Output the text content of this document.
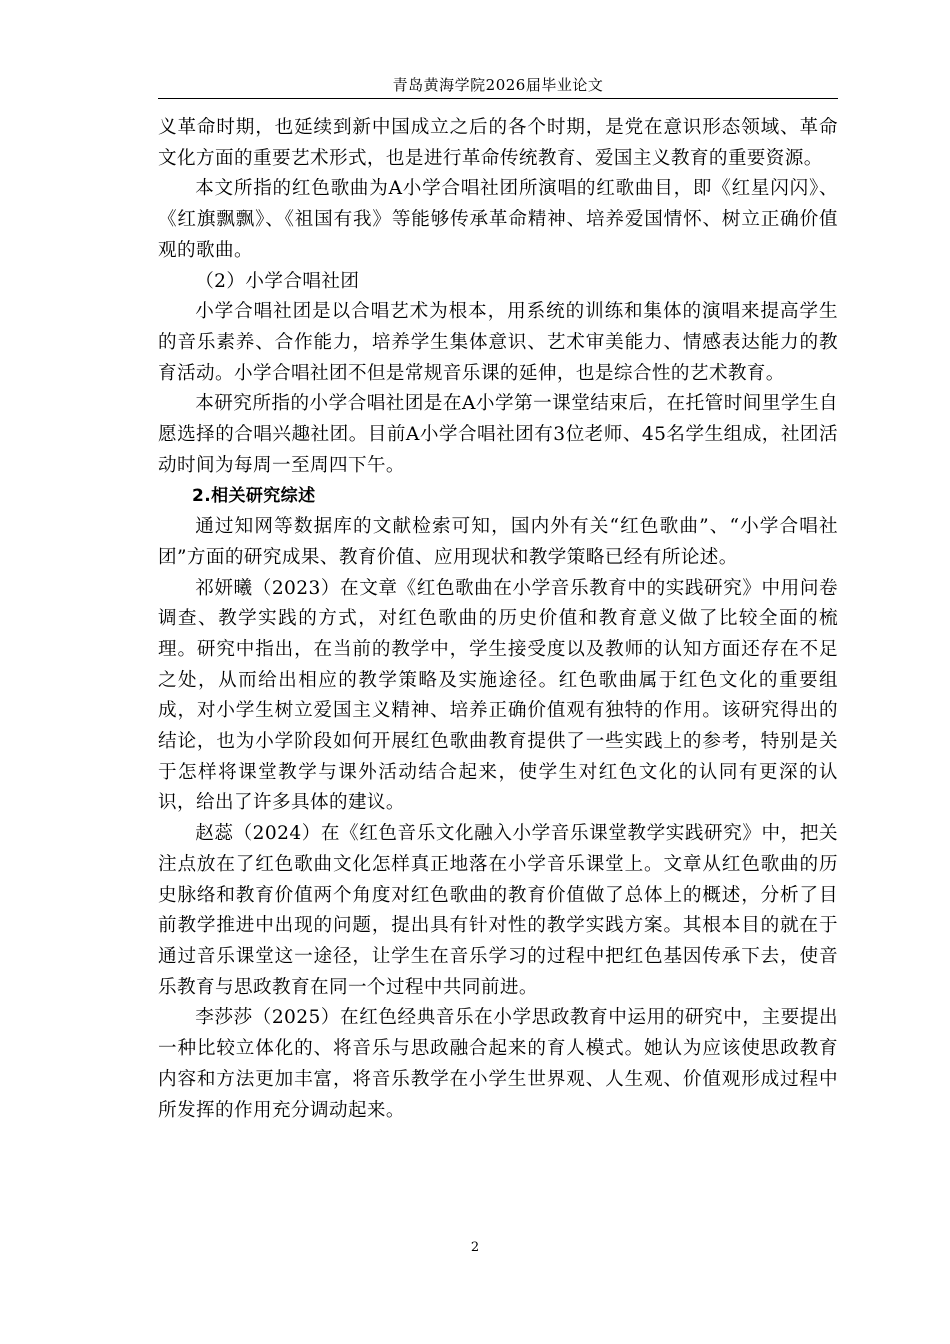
青岛黄海学院2026届毕业论文

义革命时期，也延续到新中国成立之后的各个时期，是党在意识形态领域、革命文化方面的重要艺术形式，也是进行革命传统教育、爱国主义教育的重要资源。

本文所指的红色歌曲为A小学合唱社团所演唱的红歌曲目，即《红星闪闪》、《红旗飘飘》、《祖国有我》等能够传承革命精神、培养爱国情怀、树立正确价值观的歌曲。

（2）小学合唱社团

小学合唱社团是以合唱艺术为根本，用系统的训练和集体的演唱来提高学生的音乐素养、合作能力，培养学生集体意识、艺术审美能力、情感表达能力的教育活动。小学合唱社团不但是常规音乐课的延伸，也是综合性的艺术教育。

本研究所指的小学合唱社团是在A小学第一课堂结束后，在托管时间里学生自愿选择的合唱兴趣社团。目前A小学合唱社团有3位老师、45名学生组成，社团活动时间为每周一至周四下午。

2.相关研究综述

通过知网等数据库的文献检索可知，国内外有关“红色歌曲”、“小学合唱社团”方面的研究成果、教育价值、应用现状和教学策略已经有所论述。

祁妍曦（2023）在文章《红色歌曲在小学音乐教育中的实践研究》中用问卷调查、教学实践的方式，对红色歌曲的历史价值和教育意义做了比较全面的梳理。研究中指出，在当前的教学中，学生接受度以及教师的认知方面还存在不足之处，从而给出相应的教学策略及实施途径。红色歌曲属于红色文化的重要组成，对小学生树立爱国主义精神、培养正确价值观有独特的作用。该研究得出的结论，也为小学阶段如何开展红色歌曲教育提供了一些实践上的参考，特别是关于怎样将课堂教学与课外活动结合起来，使学生对红色文化的认同有更深的认识，给出了许多具体的建议。

赵蕊（2024）在《红色音乐文化融入小学音乐课堂教学实践研究》中，把关注点放在了红色歌曲文化怎样真正地落在小学音乐课堂上。文章从红色歌曲的历史脉络和教育价值两个角度对红色歌曲的教育价值做了总体上的概述，分析了目前教学推进中出现的问题，提出具有针对性的教学实践方案。其根本目的就在于通过音乐课堂这一途径，让学生在音乐学习的过程中把红色基因传承下去，使音乐教育与思政教育在同一个过程中共同前进。

李莎莎（2025）在红色经典音乐在小学思政教育中运用的研究中，主要提出一种比较立体化的、将音乐与思政融合起来的育人模式。她认为应该使思政教育内容和方法更加丰富，将音乐教学在小学生世界观、人生观、价值观形成过程中所发挥的作用充分调动起来。

2
